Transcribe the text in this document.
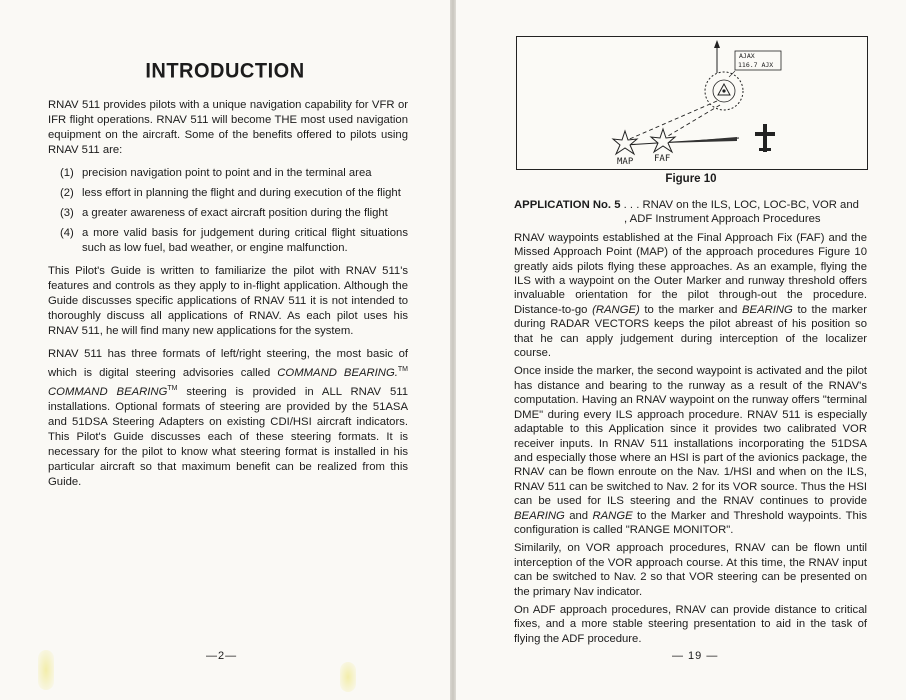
INTRODUCTION

RNAV 511 provides pilots with a unique navigation capability for VFR or IFR flight operations. RNAV 511 will become THE most used navigation equipment on the aircraft. Some of the benefits offered to pilots using RNAV 511 are:

(1) precision navigation point to point and in the terminal area
(2) less effort in planning the flight and during execution of the flight
(3) a greater awareness of exact aircraft position during the flight
(4) a more valid basis for judgement during critical flight situations such as low fuel, bad weather, or engine malfunction.

This Pilot's Guide is written to familiarize the pilot with RNAV 511's features and controls as they apply to in-flight application. Although the Guide discusses specific applications of RNAV 511 it is not intended to thoroughly discuss all applications of RNAV. As each pilot uses his RNAV 511, he will find many new applications for the system.

RNAV 511 has three formats of left/right steering, the most basic of which is digital steering advisories called COMMAND BEARING.™ COMMAND BEARING™ steering is provided in ALL RNAV 511 installations. Optional formats of steering are provided by the 51ASA and 51DSA Steering Adapters on existing CDI/HSI aircraft indicators. This Pilot's Guide discusses each of these steering formats. It is necessary for the pilot to know what steering format is installed in his particular aircraft so that maximum benefit can be realized from this Guide.

—2—
AJAX
116.7 AJX
MAP FAF
Figure 10
APPLICATION No. 5 . . . RNAV on the ILS, LOC, LOC-BC, VOR and
, ADF Instrument Approach Procedures

RNAV waypoints established at the Final Approach Fix (FAF) and the Missed Approach Point (MAP) of the approach procedures Figure 10 greatly aids pilots flying these approaches. As an example, flying the ILS with a waypoint on the Outer Marker and runway threshold offers invaluable orientation for the pilot through-out the procedure. Distance-to-go (RANGE) to the marker and BEARING to the marker during RADAR VECTORS keeps the pilot abreast of his position so that he can apply judgement during interception of the localizer course.

Once inside the marker, the second waypoint is activated and the pilot has distance and bearing to the runway as a result of the RNAV's computation. Having an RNAV waypoint on the runway offers "terminal DME" during every ILS approach procedure. RNAV 511 is especially adaptable to this Application since it provides two calibrated VOR receiver inputs. In RNAV 511 installations incorporating the 51DSA and especially those where an HSI is part of the avionics package, the RNAV can be flown enroute on the Nav. 1/HSI and when on the ILS, RNAV 511 can be switched to Nav. 2 for its VOR source. Thus the HSI can be used for ILS steering and the RNAV continues to provide BEARING and RANGE to the Marker and Threshold waypoints. This configuration is called "RANGE MONITOR".

Similarily, on VOR approach procedures, RNAV can be flown until interception of the VOR approach course. At this time, the RNAV input can be switched to Nav. 2 so that VOR steering can be presented on the primary Nav indicator.

On ADF approach procedures, RNAV can provide distance to critical fixes, and a more stable steering presentation to aid in the task of flying the ADF procedure.

— 19 —
